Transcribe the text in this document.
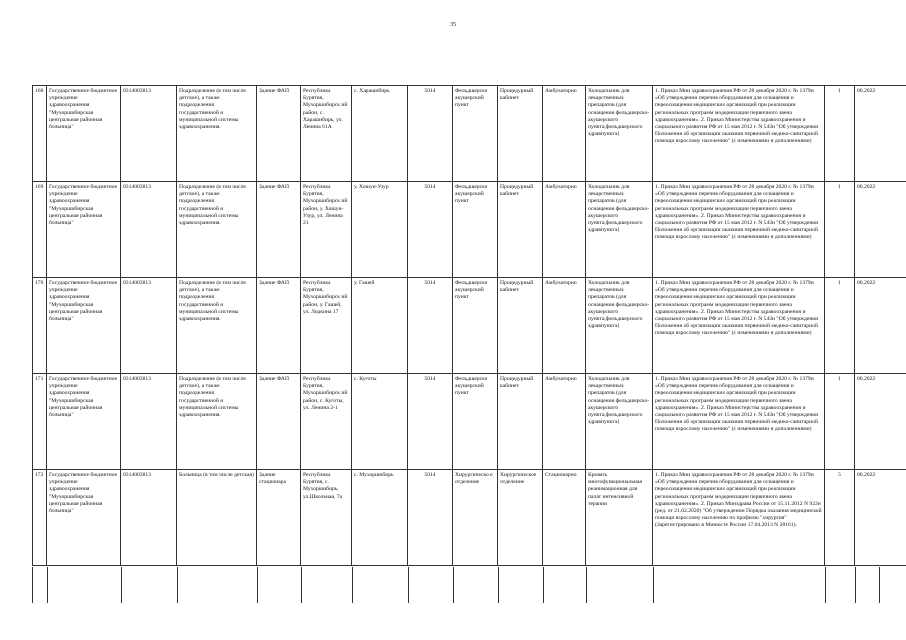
35
168	Государственное бюджетное учреждение здравоохранения "Мухоршибирская центральная районная больница"	0314003813	Подразделение (в том числе детское), а также подразделения государственной и муниципальной системы здравоохранения.	Здание ФАП	Республика Бурятия, Мухоршибирск ий район, с. Харашибирь, ул. Ленина 61А	с. Харашибирь	5014	Фельдшерско акушерский пункт	Процедурный кабинет	Амбулаторно	Холодильник для лекарственных препаратов (для оснащения фельдшерско-акушерского пункта,фельдшерского здравпункта)	1. Приказ Мин здравоохранения РФ от 28 декабря 2020 г. № 1379н «Об утверждении перечня оборудования для оснащения и переоснащения медицинских организаций при реализации региональных программ модернизации первичного звена здравоохранения». 2. Приказ Министерства здравоохранения и социального развития РФ от 15 мая 2012 г. N 543н "Об утверждении Положения об организации оказания первичной медико-санитарной помощи взрослому населению" (с изменениями и дополнениями)	1	06.2022

169	Государственное бюджетное учреждение здравоохранения "Мухоршибирская центральная районная больница"	0314003813	Подразделение (в том числе детское), а также подразделения государственной и муниципальной системы здравоохранения.	Здание ФАП	Республика Бурятия, Мухоршибирск ий район, у. Хошун-Узур, ул. Ленина 21	у. Хошун-Узур	5014	Фельдшерско акушерский пункт	Процедурный кабинет	Амбулаторно	Холодильник для лекарственных препаратов (для оснащения фельдшерско-акушерского пункта,фельдшерского здравпункта)	1. Приказ Мин здравоохранения РФ от 28 декабря 2020 г. № 1379н «Об утверждении перечня оборудования для оснащения и переоснащения медицинских организаций при реализации региональных программ модернизации первичного звена здравоохранения». 2. Приказ Министерства здравоохранения и социального развития РФ от 15 мая 2012 г. N 543н "Об утверждении Положения об организации оказания первичной медико-санитарной помощи взрослому населению" (с изменениями и дополнениями)	1	06.2022

170	Государственное бюджетное учреждение здравоохранения "Мухоршибирская центральная районная больница"	0314003813	Подразделение (в том числе детское), а также подразделения государственной и муниципальной системы здравоохранения.	Здание ФАП	Республика Бурятия, Мухоршибирск ий район, у. Гашей, ул. Лодкина 17	у. Гашей	5014	Фельдшерско акушерский пункт	Процедурный кабинет	Амбулаторно	Холодильник для лекарственных препаратов (для оснащения фельдшерско-акушерского пункта,фельдшерского здравпункта)	1. Приказ Мин здравоохранения РФ от 28 декабря 2020 г. № 1379н «Об утверждении перечня оборудования для оснащения и переоснащения медицинских организаций при реализации региональных программ модернизации первичного звена здравоохранения». 2. Приказ Министерства здравоохранения и социального развития РФ от 15 мая 2012 г. N 543н "Об утверждении Положения об организации оказания первичной медико-санитарной помощи взрослому населению" (с изменениями и дополнениями)	1	06.2022

171	Государственное бюджетное учреждение здравоохранения "Мухоршибирская центральная районная больница"	0314003813	Подразделение (в том числе детское), а также подразделения государственной и муниципальной системы здравоохранения.	Здание ФАП	Республика Бурятия, Мухоршибирск ий район, с. Куготы, ул. Ленина 2-1	с. Куготы	5014	Фельдшерско акушерский пункт	Процедурный кабинет	Амбулаторно	Холодильник для лекарственных препаратов (для оснащения фельдшерско-акушерского пункта,фельдшерского здравпункта)	1. Приказ Мин здравоохранения РФ от 28 декабря 2020 г. № 1379н «Об утверждении перечня оборудования для оснащения и переоснащения медицинских организаций при реализации региональных программ модернизации первичного звена здравоохранения». 2. Приказ Министерства здравоохранения и социального развития РФ от 15 мая 2012 г. N 543н "Об утверждении Положения об организации оказания первичной медико-санитарной помощи взрослому населению" (с изменениями и дополнениями)	1	06.2022

172	Государственное бюджетное учреждение здравоохранения "Мухоршибирская центральная районная больница"	0314003813	Больница (в том числе детская)	Здание стационара	Республика Бурятия, с. Мухоршибирь, ул.Школьная, 7а	с. Мухоршибирь	5014	Хирургическо е отделение	Хирургическое отделение	Стационарно	Кровать многофункциональная реанимационная для палат интенсивной терапии	1. Приказ Мин здравоохранения РФ от 28 декабря 2020 г. № 1379н «Об утверждении перечня оборудования для оснащения и переоснащения медицинских организаций при реализации региональных программ модернизации первичного звена здравоохранения». 2. Приказ Минздрава России от 15.11.2012 N 922н (ред. от 21.02.2020) "Об утверждении Порядка оказания медицинской помощи взрослому населению по профилю "хирургия" (Зарегистрировано в Минюсте России 17.04.2013 N 28161).	5	06.2022
